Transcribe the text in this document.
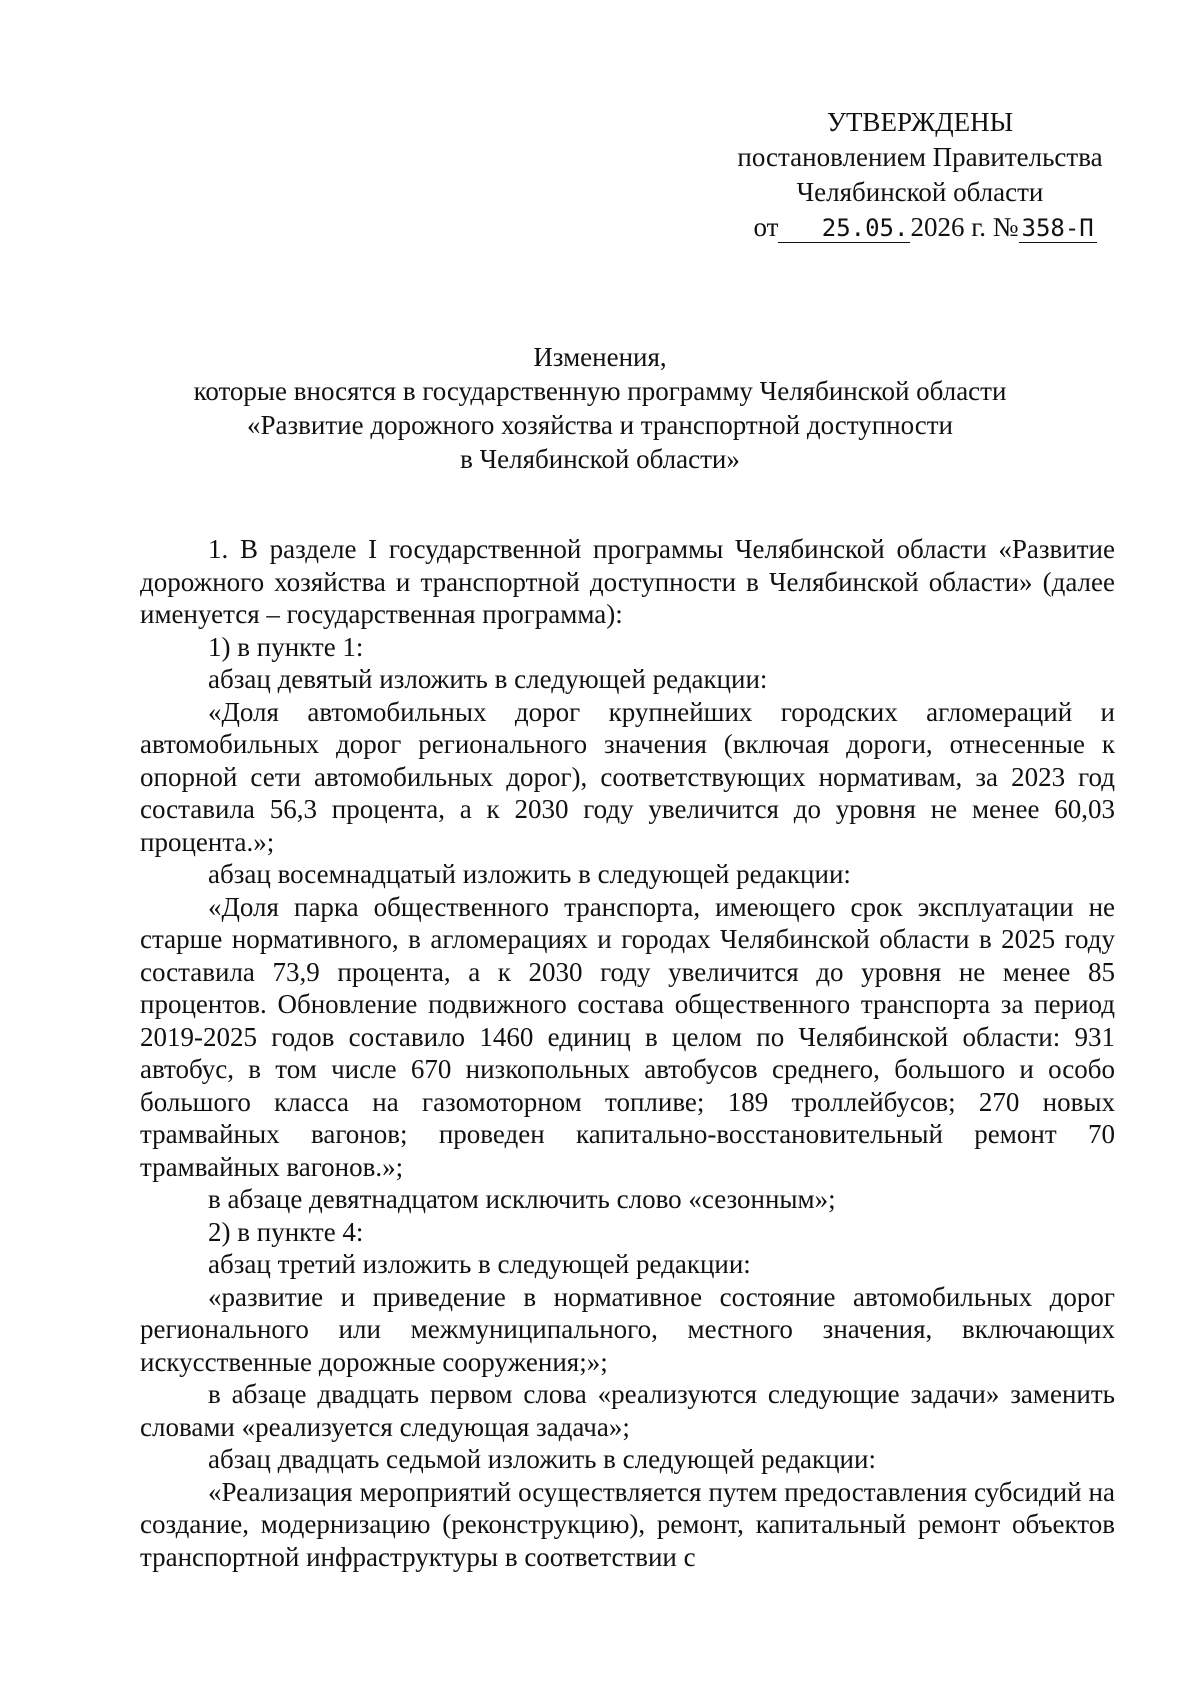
УТВЕРЖДЕНЫ
постановлением Правительства
Челябинской области
от 25.05.2026 г. № 358-П
Изменения,
которые вносятся в государственную программу Челябинской области
«Развитие дорожного хозяйства и транспортной доступности
в Челябинской области»

1. В разделе I государственной программы Челябинской области «Развитие дорожного хозяйства и транспортной доступности в Челябинской области» (далее именуется – государственная программа):

1) в пункте 1:

абзац девятый изложить в следующей редакции:

«Доля автомобильных дорог крупнейших городских агломераций и автомобильных дорог регионального значения (включая дороги, отнесенные к опорной сети автомобильных дорог), соответствующих нормативам, за 2023 год составила 56,3 процента, а к 2030 году увеличится до уровня не менее 60,03 процента.»;

абзац восемнадцатый изложить в следующей редакции:

«Доля парка общественного транспорта, имеющего срок эксплуатации не старше нормативного, в агломерациях и городах Челябинской области в 2025 году составила 73,9 процента, а к 2030 году увеличится до уровня не менее 85 процентов. Обновление подвижного состава общественного транспорта за период 2019-2025 годов составило 1460 единиц в целом по Челябинской области: 931 автобус, в том числе 670 низкопольных автобусов среднего, большого и особо большого класса на газомоторном топливе; 189 троллейбусов; 270 новых трамвайных вагонов; проведен капитально-восстановительный ремонт 70 трамвайных вагонов.»;

в абзаце девятнадцатом исключить слово «сезонным»;

2) в пункте 4:

абзац третий изложить в следующей редакции:

«развитие и приведение в нормативное состояние автомобильных дорог регионального или межмуниципального, местного значения, включающих искусственные дорожные сооружения;»;

в абзаце двадцать первом слова «реализуются следующие задачи» заменить словами «реализуется следующая задача»;

абзац двадцать седьмой изложить в следующей редакции:

«Реализация мероприятий осуществляется путем предоставления субсидий на создание, модернизацию (реконструкцию), ремонт, капитальный ремонт объектов транспортной инфраструктуры в соответствии с
